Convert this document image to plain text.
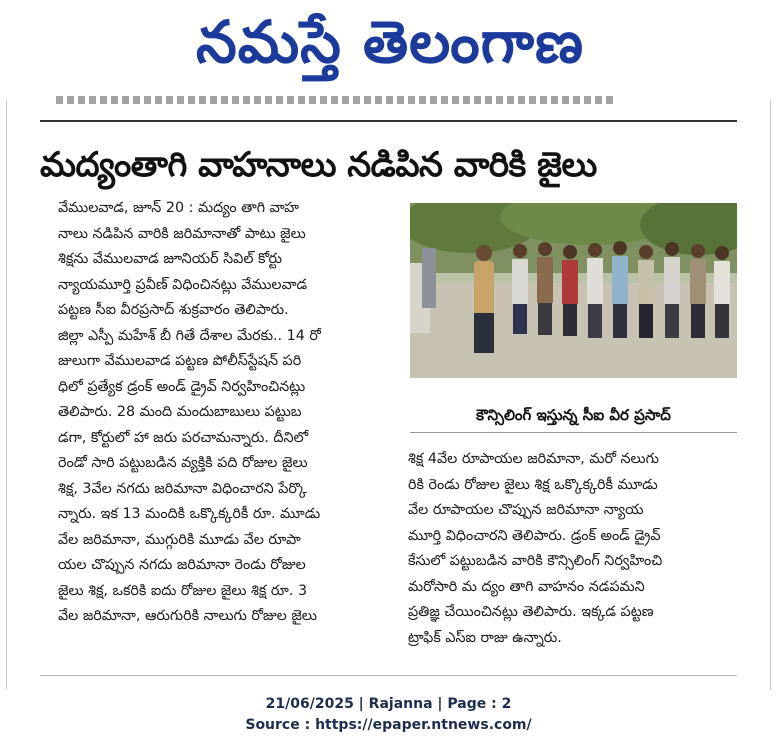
నమస్తే తెలంగాణ
మద్యంతాగి వాహనాలు నడిపిన వారికి జైలు
వేములవాడ, జూన్ 20 : మద్యం తాగి వాహ
నాలు నడిపిన వారికి జరిమానాతో పాటు జైలు
శిక్షను వేములవాడ జూనియర్ సివిల్ కోర్టు
న్యాయమూర్తి ప్రవీణ్ విధించినట్లు వేములవాడ
పట్టణ సీఐ వీరప్రసాద్ శుక్రవారం తెలిపారు.
జిల్లా ఎస్పీ మహేశ్ బీ గితే దేశాల మేరకు.. 14 రో
జులుగా వేములవాడ పట్టణ పోలీస్‌స్టేషన్ పరి
ధిలో ప్రత్యేక డ్రంక్ అండ్ డ్రైవ్ నిర్వహించినట్లు
తెలిపారు. 28 మంది మందుబాబులు పట్టుబ
డగా, కోర్టులో హా జరు పరచామన్నారు. దీనిలో
రెండో సారి పట్టుబడిన వ్యక్తికి పది రోజుల జైలు
శిక్ష, 3వేల నగదు జరిమానా విధించారని పేర్కొ
న్నారు. ఇక 13 మందికి ఒక్కొక్కరికీ రూ. మూడు
వేల జరిమానా, ముగ్గురికి మూడు వేల రూపా
యల చొప్పున నగదు జరిమానా రెండు రోజుల
జైలు శిక్ష, ఒకరికి ఐదు రోజుల జైలు శిక్ష రూ. 3
వేల జరిమానా, ఆరుగురికి నాలుగు రోజుల జైలు
కౌన్సిలింగ్ ఇస్తున్న సీఐ వీర ప్రసాద్
శిక్ష 4వేల రూపాయల జరిమానా, మరో నలుగు
రికి రెండు రోజుల జైలు శిక్ష ఒక్కొక్కరికీ మూడు
వేల రూపాయల చొప్పున జరిమానా న్యాయ
మూర్తి విధించారని తెలిపారు. డ్రంక్ అండ్ డ్రైవ్
కేసులో పట్టుబడిన వారికి కౌన్సిలింగ్ నిర్వహించి
మరోసారి మ ద్యం తాగి వాహనం నడపమని
ప్రతిజ్ఞ చేయించినట్లు తెలిపారు. ఇక్కడ పట్టణ
ట్రాఫిక్ ఎస్ఐ రాజు ఉన్నారు.
21/06/2025 | Rajanna | Page : 2
Source : https://epaper.ntnews.com/
